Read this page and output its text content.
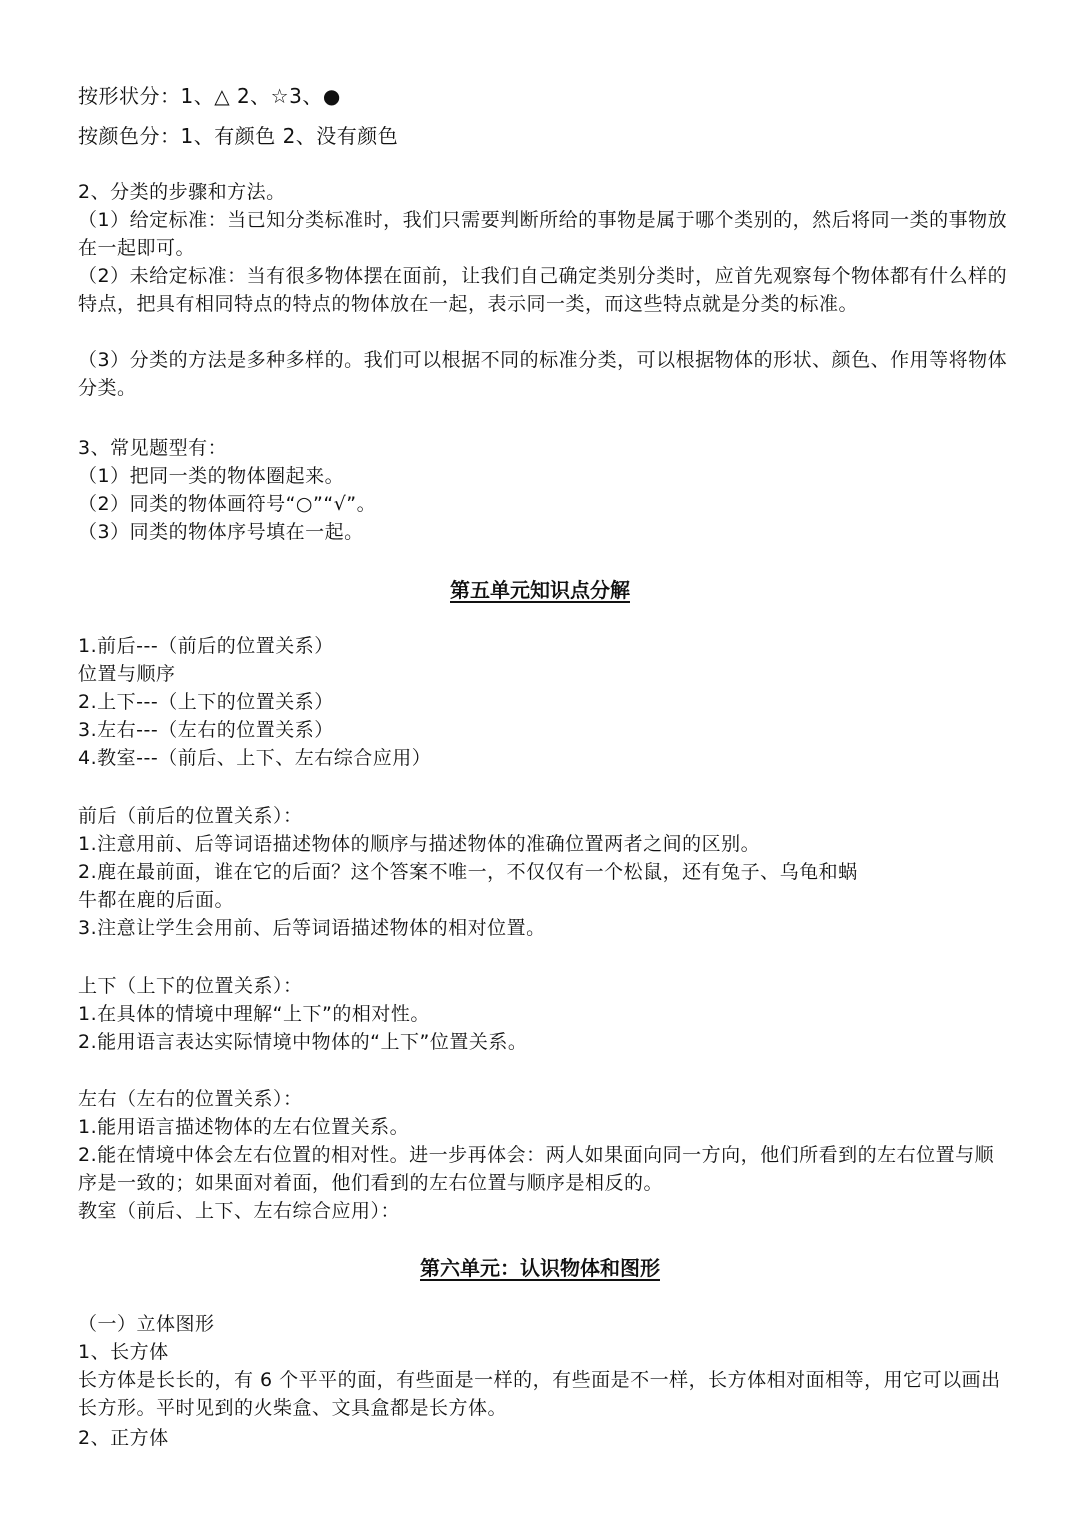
按形状分：1、△ 2、☆3、●
按颜色分：1、有颜色 2、没有颜色
2、分类的步骤和方法。
（1）给定标准：当已知分类标准时，我们只需要判断所给的事物是属于哪个类别的，然后将同一类的事物放在一起即可。
（2）未给定标准：当有很多物体摆在面前，让我们自己确定类别分类时，应首先观察每个物体都有什么样的特点，把具有相同特点的特点的物体放在一起，表示同一类，而这些特点就是分类的标准。
（3）分类的方法是多种多样的。我们可以根据不同的标准分类，可以根据物体的形状、颜色、作用等将物体分类。
3、常见题型有：
（1）把同一类的物体圈起来。
（2）同类的物体画符号“○”“√”。
（3）同类的物体序号填在一起。
第五单元知识点分解
1.前后---（前后的位置关系）
位置与顺序
2.上下---（上下的位置关系）
3.左右---（左右的位置关系）
4.教室---（前后、上下、左右综合应用）
前后（前后的位置关系）：
1.注意用前、后等词语描述物体的顺序与描述物体的准确位置两者之间的区别。
2.鹿在最前面，谁在它的后面？这个答案不唯一，不仅仅有一个松鼠，还有兔子、乌龟和蜗
牛都在鹿的后面。
3.注意让学生会用前、后等词语描述物体的相对位置。
上下（上下的位置关系）：
1.在具体的情境中理解“上下”的相对性。
2.能用语言表达实际情境中物体的“上下”位置关系。
左右（左右的位置关系）：
1.能用语言描述物体的左右位置关系。
2.能在情境中体会左右位置的相对性。进一步再体会：两人如果面向同一方向，他们所看到的左右位置与顺序是一致的；如果面对着面，他们看到的左右位置与顺序是相反的。
教室（前后、上下、左右综合应用）：
第六单元：认识物体和图形
（一）立体图形
1、长方体
长方体是长长的，有 6 个平平的面，有些面是一样的，有些面是不一样，长方体相对面相等，用它可以画出长方形。平时见到的火柴盒、文具盒都是长方体。
2、正方体
